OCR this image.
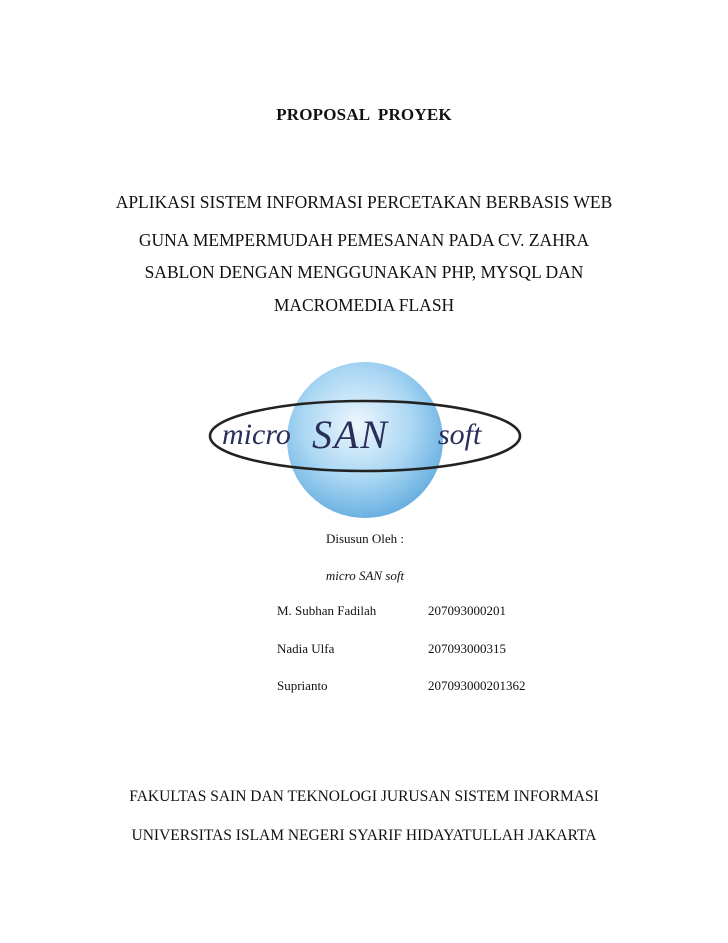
PROPOSAL PROYEK
APLIKASI SISTEM INFORMASI PERCETAKAN BERBASIS WEB
GUNA MEMPERMUDAH PEMESANAN PADA CV. ZAHRA
SABLON DENGAN MENGGUNAKAN PHP, MYSQL DAN
MACROMEDIA FLASH
micro SAN soft
Disusun Oleh :
micro SAN soft
M. Subhan Fadilah	207093000201
Nadia Ulfa	207093000315
Suprianto	207093000201362
FAKULTAS SAIN DAN TEKNOLOGI JURUSAN SISTEM INFORMASI
UNIVERSITAS ISLAM NEGERI SYARIF HIDAYATULLAH JAKARTA
